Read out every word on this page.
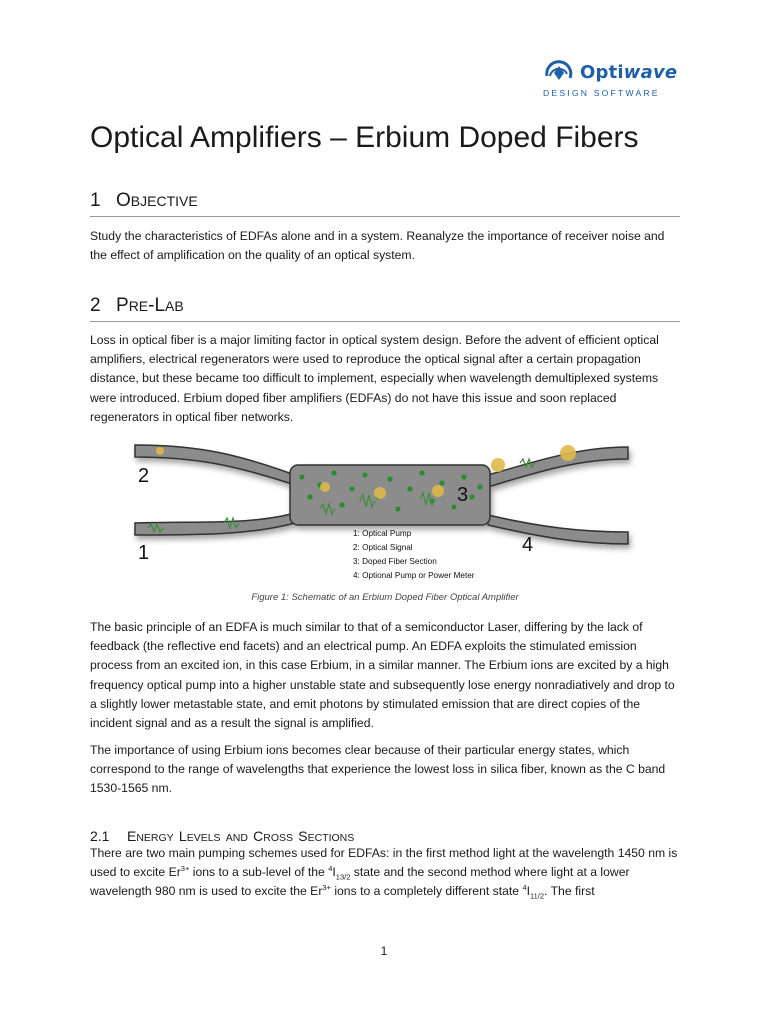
Optiwave
DESIGN SOFTWARE
Optical Amplifiers – Erbium Doped Fibers
1 OBJECTIVE

Study the characteristics of EDFAs alone and in a system. Reanalyze the importance of receiver noise and the effect of amplification on the quality of an optical system.

2 PRE-LAB

Loss in optical fiber is a major limiting factor in optical system design. Before the advent of efficient optical amplifiers, electrical regenerators were used to reproduce the optical signal after a certain propagation distance, but these became too difficult to implement, especially when wavelength demultiplexed systems were introduced. Erbium doped fiber amplifiers (EDFAs) do not have this issue and soon replaced regenerators in optical fiber networks.

2
3
1	4
1: Optical Pump
2: Optical Signal
3: Doped Fiber Section
4: Optional Pump or Power Meter
Figure 1: Schematic of an Erbium Doped Fiber Optical Amplifier

The basic principle of an EDFA is much similar to that of a semiconductor Laser, differing by the lack of feedback (the reflective end facets) and an electrical pump. An EDFA exploits the stimulated emission process from an excited ion, in this case Erbium, in a similar manner. The Erbium ions are excited by a high frequency optical pump into a higher unstable state and subsequently lose energy nonradiatively and drop to a slightly lower metastable state, and emit photons by stimulated emission that are direct copies of the incident signal and as a result the signal is amplified.

The importance of using Erbium ions becomes clear because of their particular energy states, which correspond to the range of wavelengths that experience the lowest loss in silica fiber, known as the C band 1530-1565 nm.

2.1 ENERGY LEVELS AND CROSS SECTIONS

There are two main pumping schemes used for EDFAs: in the first method light at the wavelength 1450 nm is used to excite $Er^{3+}$ ions to a sub-level of the $^4I_{13/2}$ state and the second method where light at a lower wavelength 980 nm is used to excite the $Er^{3+}$ ions to a completely different state $^4I_{11/2}$. The first

1
